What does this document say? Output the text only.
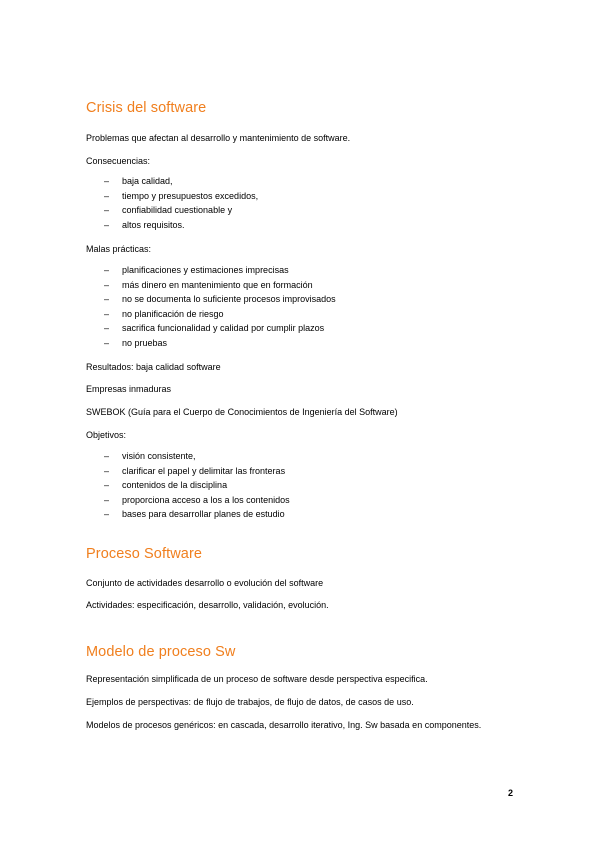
Crisis del software

Problemas que afectan al desarrollo y mantenimiento de software.

Consecuencias:

– baja calidad,
– tiempo y presupuestos excedidos,
– confiabilidad cuestionable y
– altos requisitos.

Malas prácticas:

– planificaciones y estimaciones imprecisas
– más dinero en mantenimiento que en formación
– no se documenta lo suficiente procesos improvisados
– no planificación de riesgo
– sacrifica funcionalidad y calidad por cumplir plazos
– no pruebas

Resultados: baja calidad software

Empresas inmaduras

SWEBOK (Guía para el Cuerpo de Conocimientos de Ingeniería del Software)

Objetivos:

– visión consistente,
– clarificar el papel y delimitar las fronteras
– contenidos de la disciplina
– proporciona acceso a los a los contenidos
– bases para desarrollar planes de estudio
Proceso Software

Conjunto de actividades desarrollo o evolución del software

Actividades: especificación, desarrollo, validación, evolución.

Modelo de proceso Sw

Representación simplificada de un proceso de software desde perspectiva especifica.

Ejemplos de perspectivas: de flujo de trabajos, de flujo de datos, de casos de uso.

Modelos de procesos genéricos: en cascada, desarrollo iterativo, Ing. Sw basada en componentes.

2
